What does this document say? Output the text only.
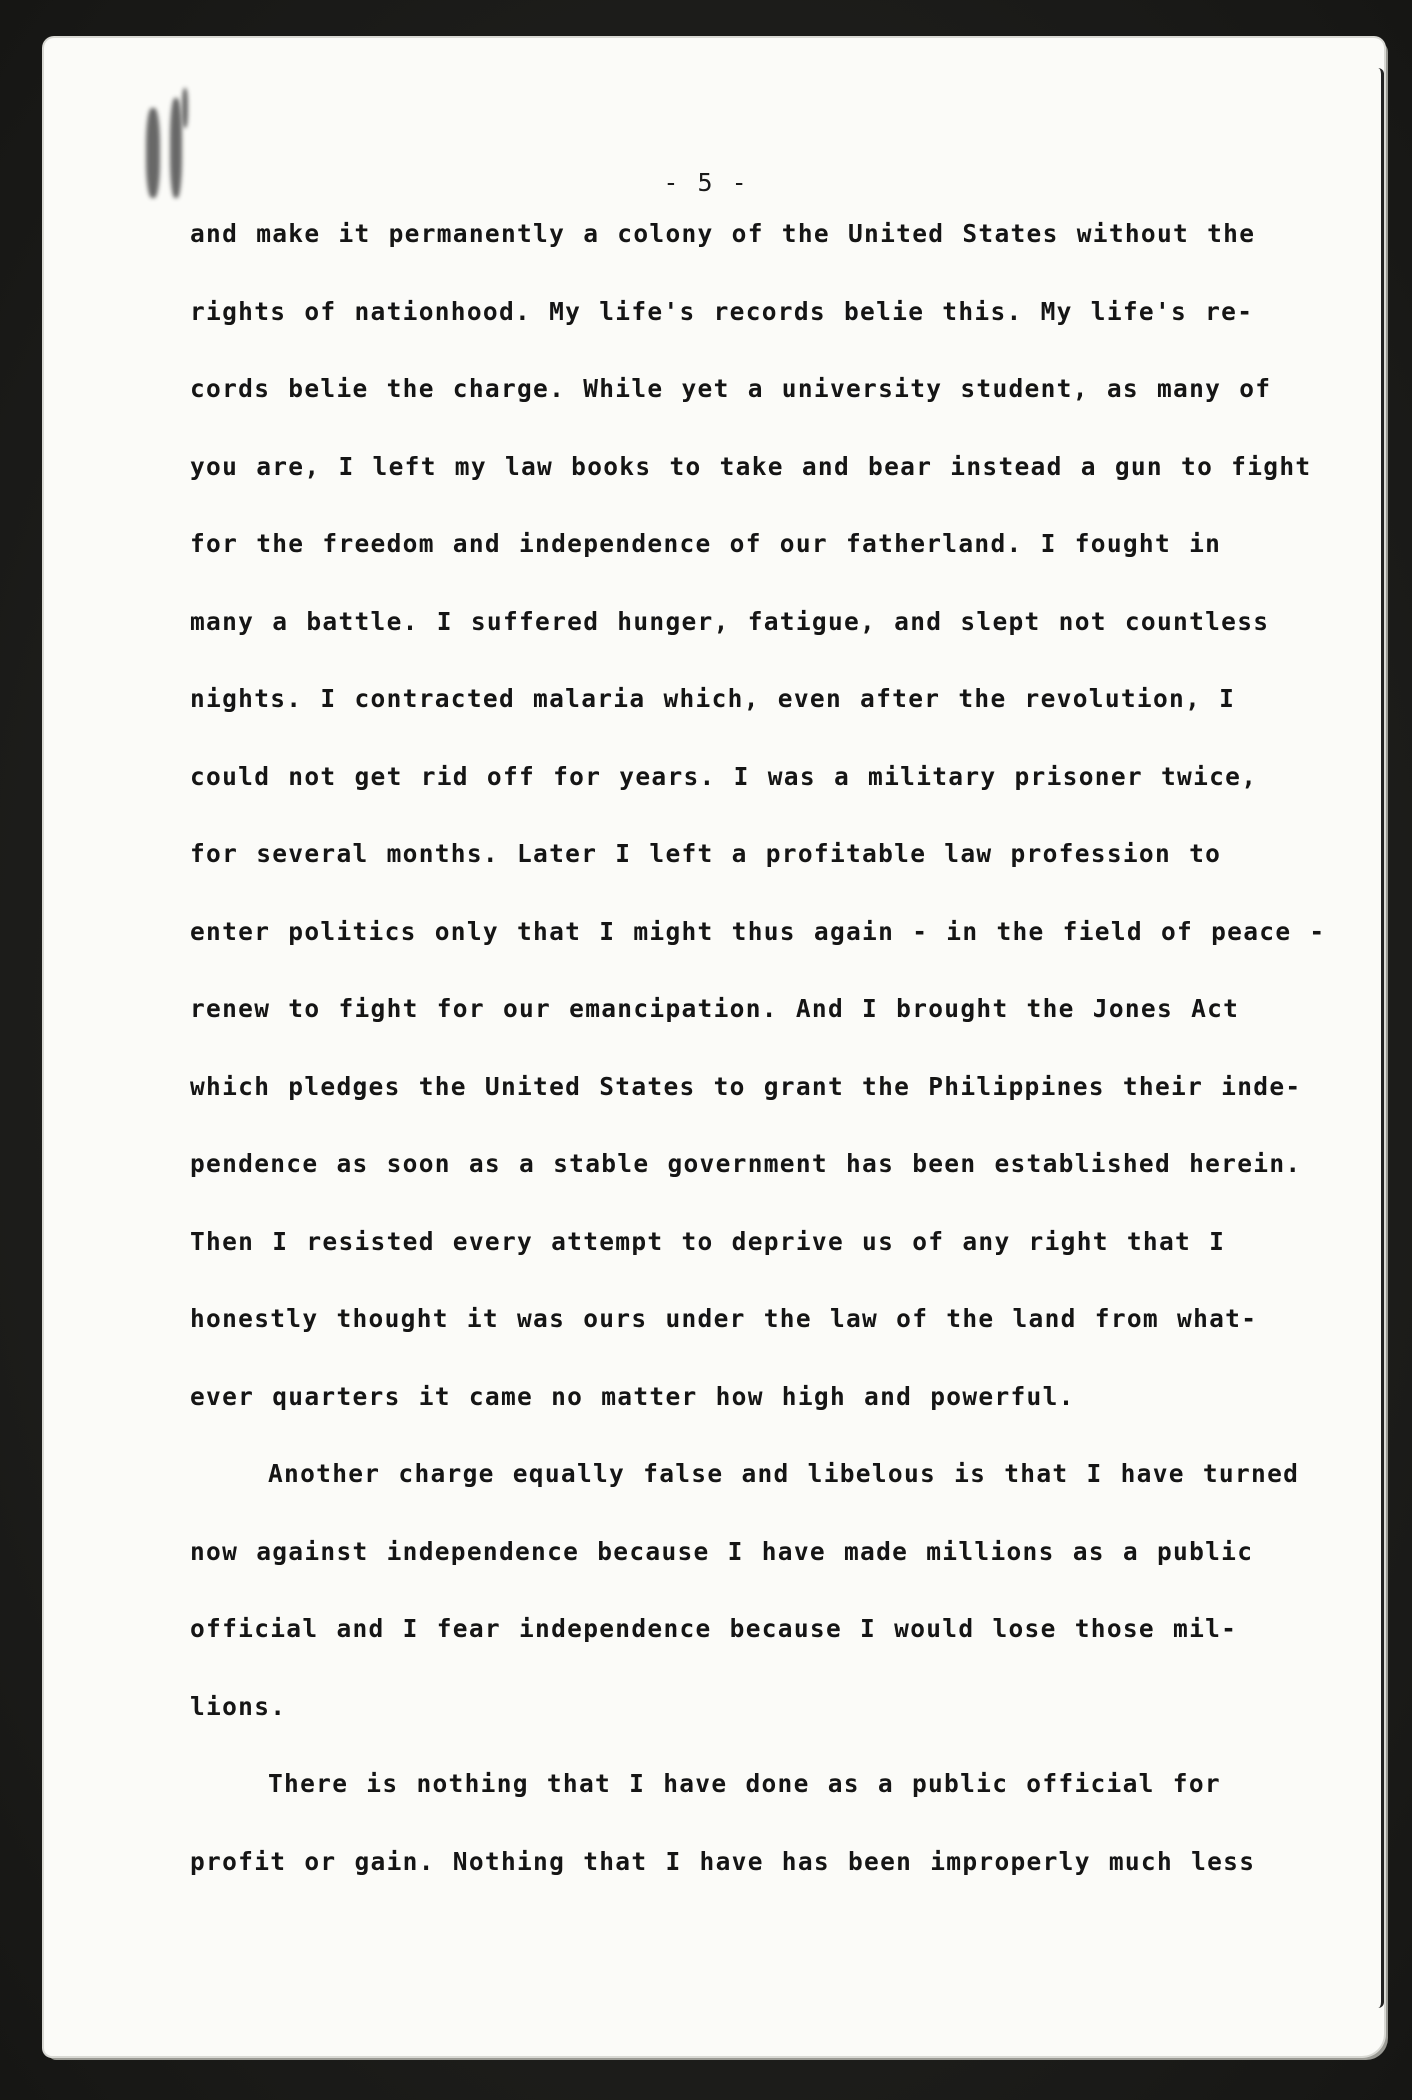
- 5 -
and make it permanently a colony of the United States without the
rights of nationhood. My life's records belie this. My life's re-
cords belie the charge. While yet a university student, as many of
you are, I left my law books to take and bear instead a gun to fight
for the freedom and independence of our fatherland. I fought in
many a battle. I suffered hunger, fatigue, and slept not countless
nights. I contracted malaria which, even after the revolution, I
could not get rid off for years. I was a military prisoner twice,
for several months. Later I left a profitable law profession to
enter politics only that I might thus again - in the field of peace -
renew to fight for our emancipation. And I brought the Jones Act
which pledges the United States to grant the Philippines their inde-
pendence as soon as a stable government has been established herein.
Then I resisted every attempt to deprive us of any right that I
honestly thought it was ours under the law of the land from what-
ever quarters it came no matter how high and powerful.
Another charge equally false and libelous is that I have turned
now against independence because I have made millions as a public
official and I fear independence because I would lose those mil-
lions.
There is nothing that I have done as a public official for
profit or gain. Nothing that I have has been improperly much less
